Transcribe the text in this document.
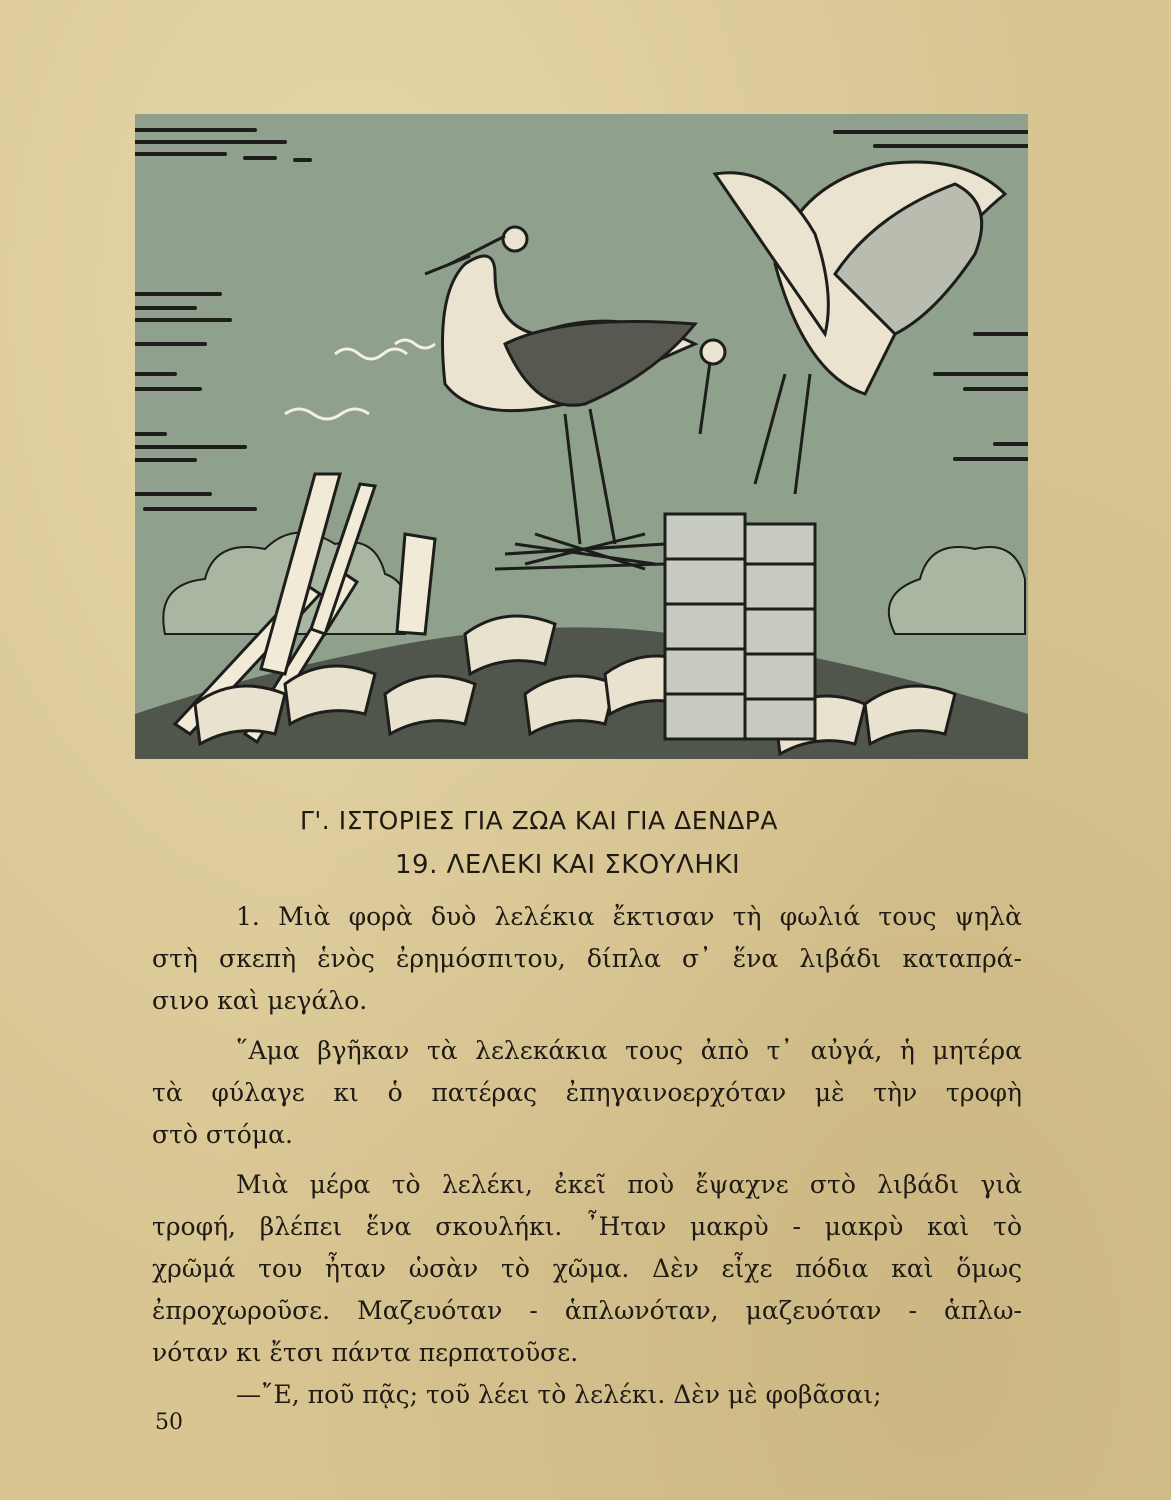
Γ'. ΙΣΤΟΡΙΕΣ ΓΙΑ ΖΩΑ ΚΑΙ ΓΙΑ ΔΕΝΔΡΑ
19. ΛΕΛΕΚΙ ΚΑΙ ΣΚΟΥΛΗΚΙ
1. Μιὰ φορὰ δυὸ λελέκια ἔκτισαν τὴ φωλιά τους ψηλὰ
στὴ σκεπὴ ἑνὸς ἐρημόσπιτου, δίπλα σ᾿ ἕνα λιβάδι καταπρά-
σινο καὶ μεγάλο.
῞Αμα βγῆκαν τὰ λελεκάκια τους ἀπὸ τ᾿ αὐγά, ἡ μητέρα
τὰ φύλαγε κι ὁ πατέρας ἐπηγαινοερχόταν μὲ τὴν τροφὴ
στὸ στόμα.
Μιὰ μέρα τὸ λελέκι, ἐκεῖ ποὺ ἔψαχνε στὸ λιβάδι γιὰ
τροφή, βλέπει ἕνα σκουλήκι. ῏Ηταν μακρὺ - μακρὺ καὶ τὸ
χρῶμά του ἦταν ὡσὰν τὸ χῶμα. Δὲν εἶχε πόδια καὶ ὅμως
ἐπροχωροῦσε. Μαζευόταν - ἁπλωνόταν, μαζευόταν - ἁπλω-
νόταν κι ἔτσι πάντα περπατοῦσε.
—῎Ε, ποῦ πᾷς; τοῦ λέει τὸ λελέκι. Δὲν μὲ φοβᾶσαι;
50
